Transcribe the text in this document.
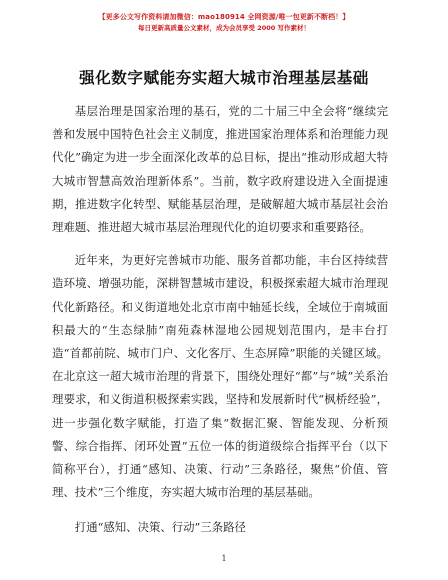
【更多公文写作资料请加微信：mao180914 全网资源/唯一包更新不断档！】
每日更新高质量公文素材，成为会员享受 2000 写作素材！
强化数字赋能夯实超大城市治理基层基础

基层治理是国家治理的基石，党的二十届三中全会将“继续完善和发展中国特色社会主义制度，推进国家治理体系和治理能力现代化”确定为进一步全面深化改革的总目标，提出“推动形成超大特大城市智慧高效治理新体系”。当前，数字政府建设进入全面提速期，推进数字化转型、赋能基层治理，是破解超大城市基层社会治理难题、推进超大城市基层治理现代化的迫切要求和重要路径。

近年来，为更好完善城市功能、服务首都功能，丰台区持续营造环境、增强功能，深耕智慧城市建设，积极探索超大城市治理现代化新路径。和义街道地处北京市南中轴延长线，全域位于南城面积最大的“生态绿肺”南苑森林湿地公园规划范围内，是丰台打造“首都前院、城市门户、文化客厅、生态屏障”职能的关键区域。在北京这一超大城市治理的背景下，围绕处理好“都”与“城”关系治理要求，和义街道积极探索实践，坚持和发展新时代“枫桥经验”，进一步强化数字赋能，打造了集“数据汇聚、智能发现、分析预警、综合指挥、闭环处置”五位一体的街道级综合指挥平台（以下简称平台），打通“感知、决策、行动”三条路径，聚焦“价值、管理、技术”三个维度，夯实超大城市治理的基层基础。

打通“感知、决策、行动”三条路径

1
